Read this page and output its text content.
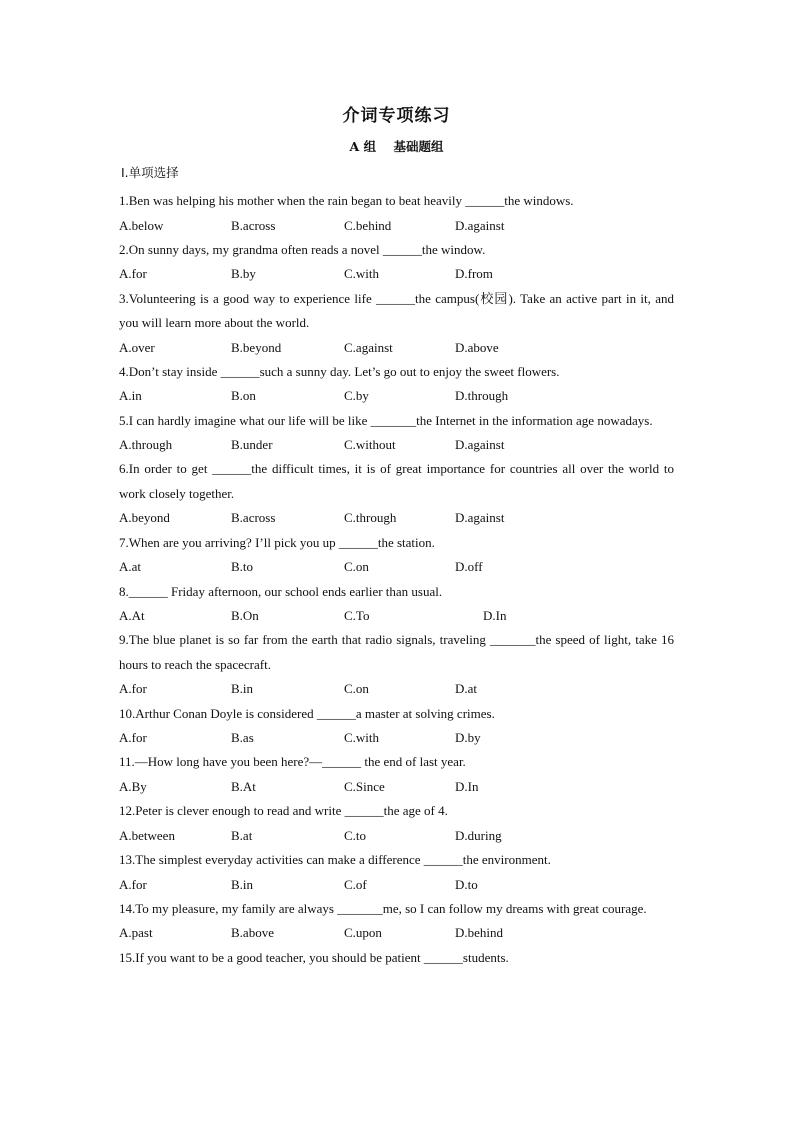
介词专项练习
A 组    基础题组
Ⅰ.单项选择
1.Ben was helping his mother when the rain began to beat heavily ______the windows.
A.below	B.across	C.behind	D.against
2.On sunny days, my grandma often reads a novel ______the window.
A.for	B.by	C.with	D.from
3.Volunteering is a good way to experience life ______the campus(校园). Take an active part in it, and you will learn more about the world.
A.over	B.beyond	C.against	D.above
4.Don’t stay inside ______such a sunny day. Let’s go out to enjoy the sweet flowers.
A.in	B.on	C.by	D.through
5.I can hardly imagine what our life will be like _______the Internet in the information age nowadays.
A.through	B.under	C.without	D.against
6.In order to get ______the difficult times, it is of great importance for countries all over the world to work closely together.
A.beyond	B.across	C.through	D.against
7.When are you arriving? I’ll pick you up ______the station.
A.at	B.to	C.on	D.off
8.______ Friday afternoon, our school ends earlier than usual.
A.At	B.On	C.To	D.In
9.The blue planet is so far from the earth that radio signals, traveling _______the speed of light, take 16 hours to reach the spacecraft.
A.for	B.in	C.on	D.at
10.Arthur Conan Doyle is considered ______a master at solving crimes.
A.for	B.as	C.with	D.by
11.—How long have you been here?—______ the end of last year.
A.By	B.At	C.Since	D.In
12.Peter is clever enough to read and write ______the age of 4.
A.between	B.at	C.to	D.during
13.The simplest everyday activities can make a difference ______the environment.
A.for	B.in	C.of	D.to
14.To my pleasure, my family are always _______me, so I can follow my dreams with great courage.
A.past	B.above	C.upon	D.behind
15.If you want to be a good teacher, you should be patient ______students.
